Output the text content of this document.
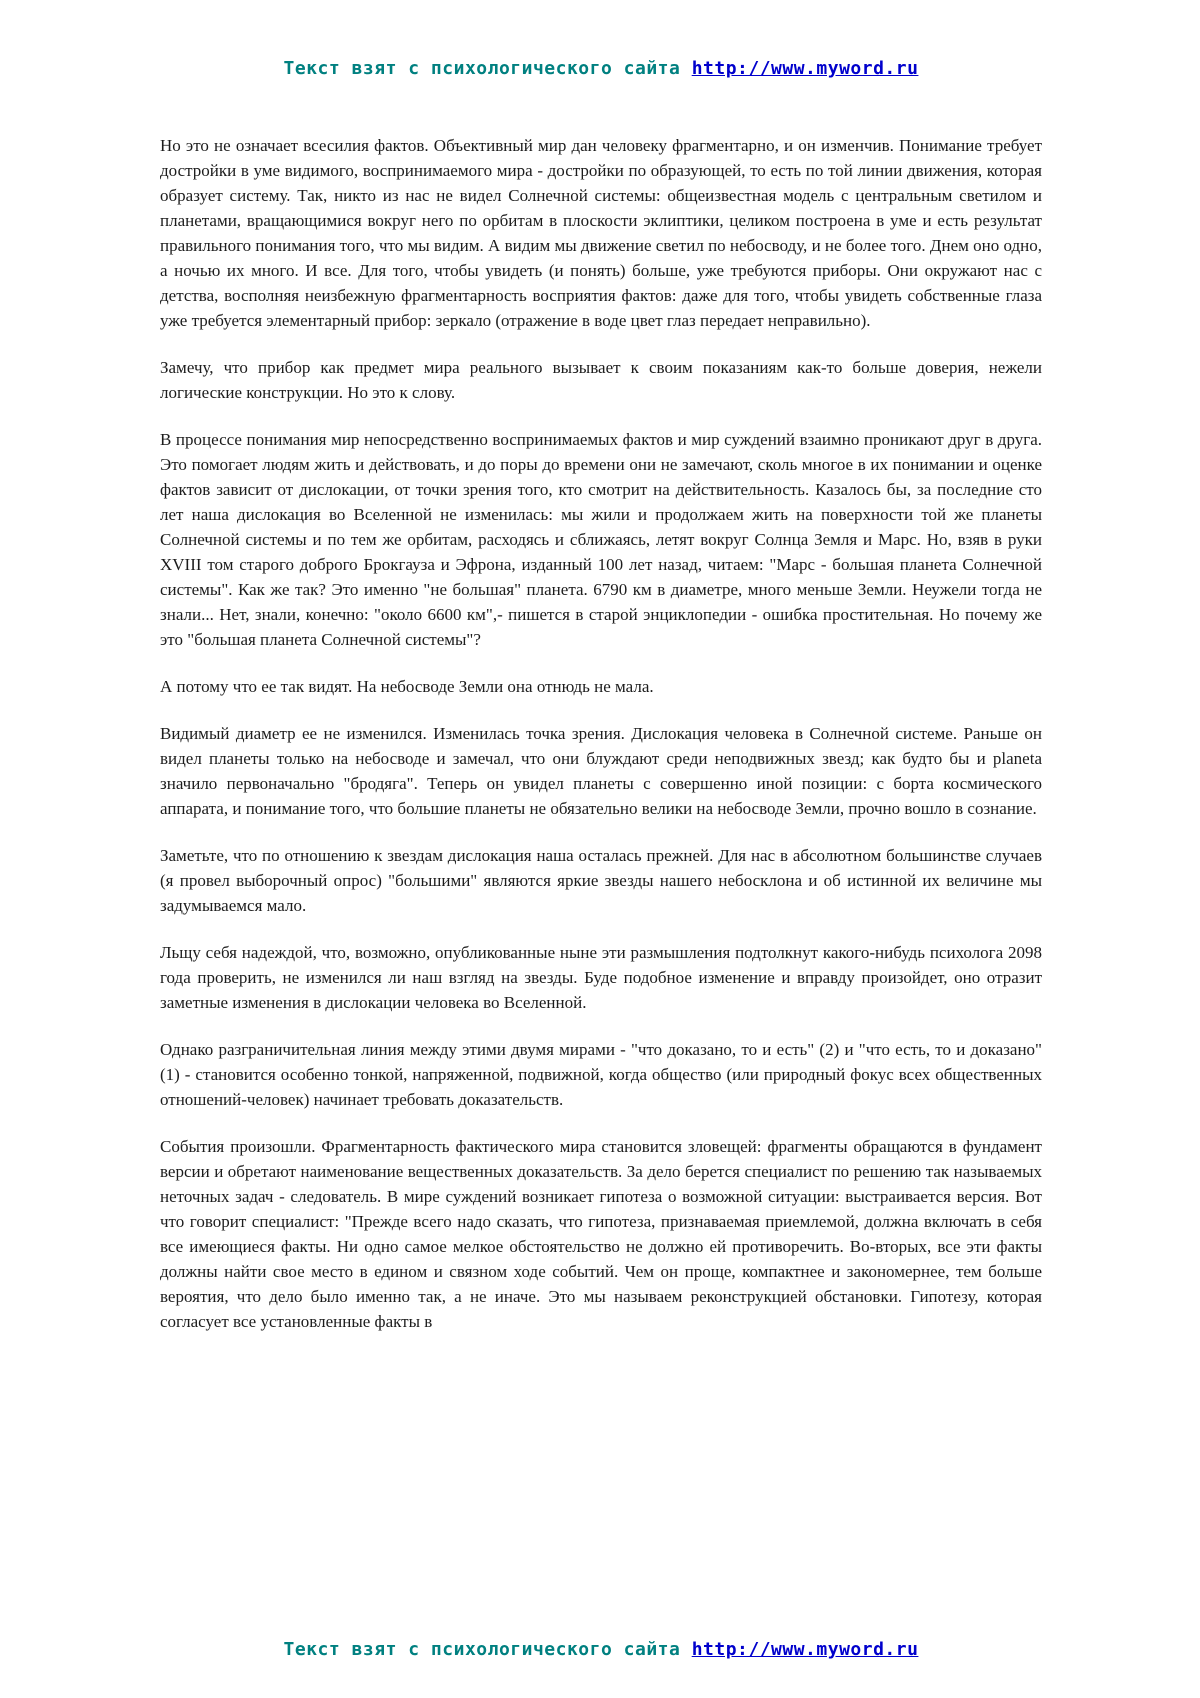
Текст взят с психологического сайта http://www.myword.ru

Но это не означает всесилия фактов. Объективный мир дан человеку фрагментарно, и он изменчив. Понимание требует достройки в уме видимого, воспринимаемого мира - достройки по образующей, то есть по той линии движения, которая образует систему. Так, никто из нас не видел Солнечной системы: общеизвестная модель с центральным светилом и планетами, вращающимися вокруг него по орбитам в плоскости эклиптики, целиком построена в уме и есть результат правильного понимания того, что мы видим. А видим мы движение светил по небосводу, и не более того. Днем оно одно, а ночью их много. И все. Для того, чтобы увидеть (и понять) больше, уже требуются приборы. Они окружают нас с детства, восполняя неизбежную фрагментарность восприятия фактов: даже для того, чтобы увидеть собственные глаза уже требуется элементарный прибор: зеркало (отражение в воде цвет глаз передает неправильно).

Замечу, что прибор как предмет мира реального вызывает к своим показаниям как-то больше доверия, нежели логические конструкции. Но это к слову.

В процессе понимания мир непосредственно воспринимаемых фактов и мир суждений взаимно проникают друг в друга. Это помогает людям жить и действовать, и до поры до времени они не замечают, сколь многое в их понимании и оценке фактов зависит от дислокации, от точки зрения того, кто смотрит на действительность. Казалось бы, за последние сто лет наша дислокация во Вселенной не изменилась: мы жили и продолжаем жить на поверхности той же планеты Солнечной системы и по тем же орбитам, расходясь и сближаясь, летят вокруг Солнца Земля и Марс. Но, взяв в руки XVIII том старого доброго Брокгауза и Эфрона, изданный 100 лет назад, читаем: "Марс - большая планета Солнечной системы". Как же так? Это именно "не большая" планета. 6790 км в диаметре, много меньше Земли. Неужели тогда не знали... Нет, знали, конечно: "около 6600 км",- пишется в старой энциклопедии - ошибка простительная. Но почему же это "большая планета Солнечной системы"?

А потому что ее так видят. На небосводе Земли она отнюдь не мала.

Видимый диаметр ее не изменился. Изменилась точка зрения. Дислокация человека в Солнечной системе. Раньше он видел планеты только на небосводе и замечал, что они блуждают среди неподвижных звезд; как будто бы и planeta значило первоначально "бродяга". Теперь он увидел планеты с совершенно иной позиции: с борта космического аппарата, и понимание того, что большие планеты не обязательно велики на небосводе Земли, прочно вошло в сознание.

Заметьте, что по отношению к звездам дислокация наша осталась прежней. Для нас в абсолютном большинстве случаев (я провел выборочный опрос) "большими" являются яркие звезды нашего небосклона и об истинной их величине мы задумываемся мало.

Льщу себя надеждой, что, возможно, опубликованные ныне эти размышления подтолкнут какого-нибудь психолога 2098 года проверить, не изменился ли наш взгляд на звезды. Буде подобное изменение и вправду произойдет, оно отразит заметные изменения в дислокации человека во Вселенной.

Однако разграничительная линия между этими двумя мирами - "что доказано, то и есть" (2) и "что есть, то и доказано" (1) - становится особенно тонкой, напряженной, подвижной, когда общество (или природный фокус всех общественных отношений-человек) начинает требовать доказательств.

События произошли. Фрагментарность фактического мира становится зловещей: фрагменты обращаются в фундамент версии и обретают наименование вещественных доказательств. За дело берется специалист по решению так называемых неточных задач - следователь. В мире суждений возникает гипотеза о возможной ситуации: выстраивается версия. Вот что говорит специалист: "Прежде всего надо сказать, что гипотеза, признаваемая приемлемой, должна включать в себя все имеющиеся факты. Ни одно самое мелкое обстоятельство не должно ей противоречить. Во-вторых, все эти факты должны найти свое место в едином и связном ходе событий. Чем он проще, компактнее и закономернее, тем больше вероятия, что дело было именно так, а не иначе. Это мы называем реконструкцией обстановки. Гипотезу, которая согласует все установленные факты в

Текст взят с психологического сайта http://www.myword.ru
